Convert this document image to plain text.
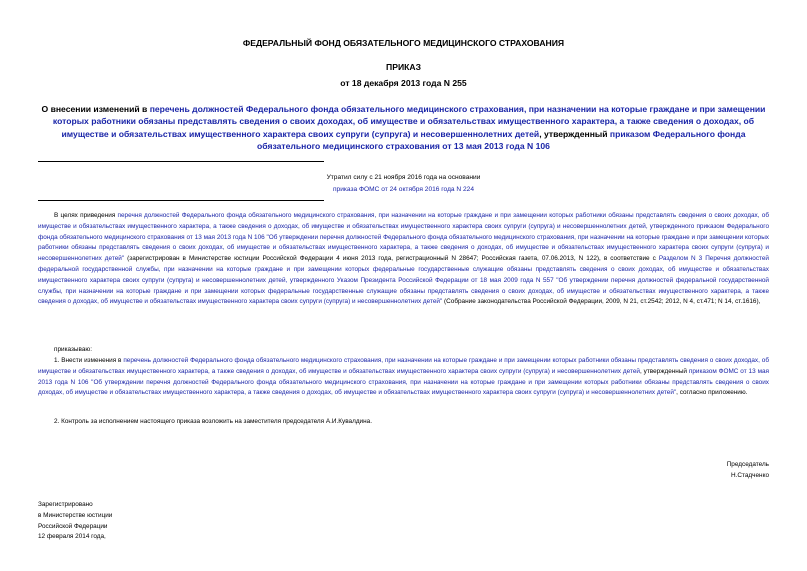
ФЕДЕРАЛЬНЫЙ ФОНД ОБЯЗАТЕЛЬНОГО МЕДИЦИНСКОГО СТРАХОВАНИЯ
ПРИКАЗ
от 18 декабря 2013 года N 255
О внесении изменений в перечень должностей Федерального фонда обязательного медицинского страхования, при назначении на которые граждане и при замещении которых работники обязаны представлять сведения о своих доходах, об имуществе и обязательствах имущественного характера, а также сведения о доходах, об имуществе и обязательствах имущественного характера своих супруги (супруга) и несовершеннолетних детей, утвержденный приказом Федерального фонда обязательного медицинского страхования от 13 мая 2013 года N 106
Утратил силу с 21 ноября 2016 года на основании
приказа ФОМС от 24 октября 2016 года N 224
В целях приведения перечня должностей Федерального фонда обязательного медицинского страхования, при назначении на которые граждане и при замещении которых работники обязаны представлять сведения о своих доходах, об имуществе и обязательствах имущественного характера, а также сведения о доходах, об имуществе и обязательствах имущественного характера своих супруги (супруга) и несовершеннолетних детей, утвержденного приказом Федерального фонда обязательного медицинского страхования от 13 мая 2013 года N 106 "Об утверждении перечня должностей Федерального фонда обязательного медицинского страхования, при назначении на которые граждане и при замещении которых работники обязаны представлять сведения о своих доходах, об имуществе и обязательствах имущественного характера, а также сведения о доходах, об имуществе и обязательствах имущественного характера своих супруги (супруга) и несовершеннолетних детей" (зарегистрирован в Министерстве юстиции Российской Федерации 4 июня 2013 года, регистрационный N 28647; Российская газета, 07.06.2013, N 122), в соответствие с Разделом N 3 Перечня должностей федеральной государственной службы, при назначении на которые граждане и при замещении которых федеральные государственные служащие обязаны представлять сведения о своих доходах, об имуществе и обязательствах имущественного характера своих супруги (супруга) и несовершеннолетних детей, утвержденного Указом Президента Российской Федерации от 18 мая 2009 года N 557 "Об утверждении перечня должностей федеральной государственной службы, при назначении на которые граждане и при замещении которых федеральные государственные служащие обязаны представлять сведения о своих доходах, об имуществе и обязательствах имущественного характера, а также сведения о доходах, об имуществе и обязательствах имущественного характера своих супруги (супруга) и несовершеннолетних детей" (Собрание законодательства Российской Федерации, 2009, N 21, ст.2542; 2012, N 4, ст.471; N 14, ст.1616),
приказываю:
1. Внести изменения в перечень должностей Федерального фонда обязательного медицинского страхования, при назначении на которые граждане и при замещении которых работники обязаны представлять сведения о своих доходах, об имуществе и обязательствах имущественного характера, а также сведения о доходах, об имуществе и обязательствах имущественного характера своих супруги (супруга) и несовершеннолетних детей, утвержденный приказом ФОМС от 13 мая 2013 года N 106 "Об утверждении перечня должностей Федерального фонда обязательного медицинского страхования, при назначении на которые граждане и при замещении которых работники обязаны представлять сведения о своих доходах, об имуществе и обязательствах имущественного характера, а также сведения о доходах, об имуществе и обязательствах имущественного характера своих супруги (супруга) и несовершеннолетних детей", согласно приложению.
2. Контроль за исполнением настоящего приказа возложить на заместителя председателя А.И.Кувалдина.
Председатель
Н.Стадченко
Зарегистрировано
в Министерстве юстиции
Российской Федерации
12 февраля 2014 года,
